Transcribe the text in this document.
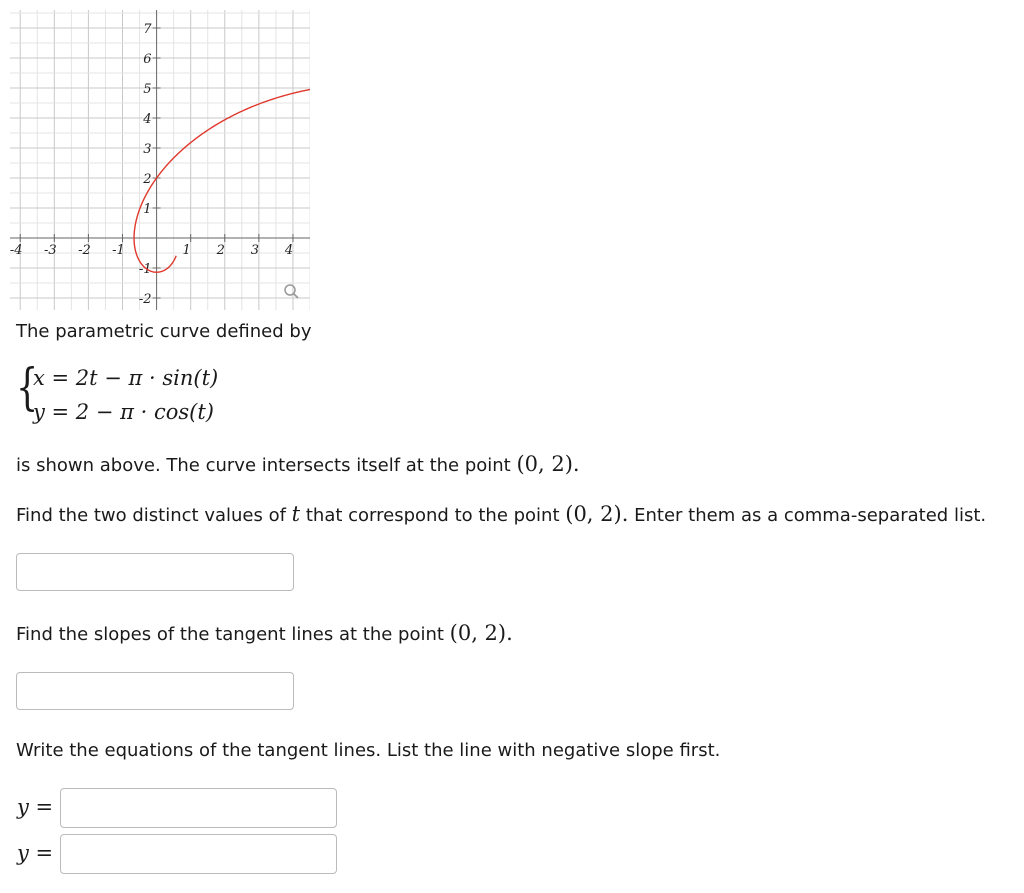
-4 -3 -2 -1	1 2 3 4
-2
-1
1
2
3
4
5
6
7
The parametric curve defined by
{
x = 2t − π · sin(t)
y = 2 − π · cos(t)
is shown above. The curve intersects itself at the point (0, 2).
Find the two distinct values of t that correspond to the point (0, 2). Enter them as a comma-separated list.
Find the slopes of the tangent lines at the point (0, 2).
Write the equations of the tangent lines. List the line with negative slope first.
y =
y =
